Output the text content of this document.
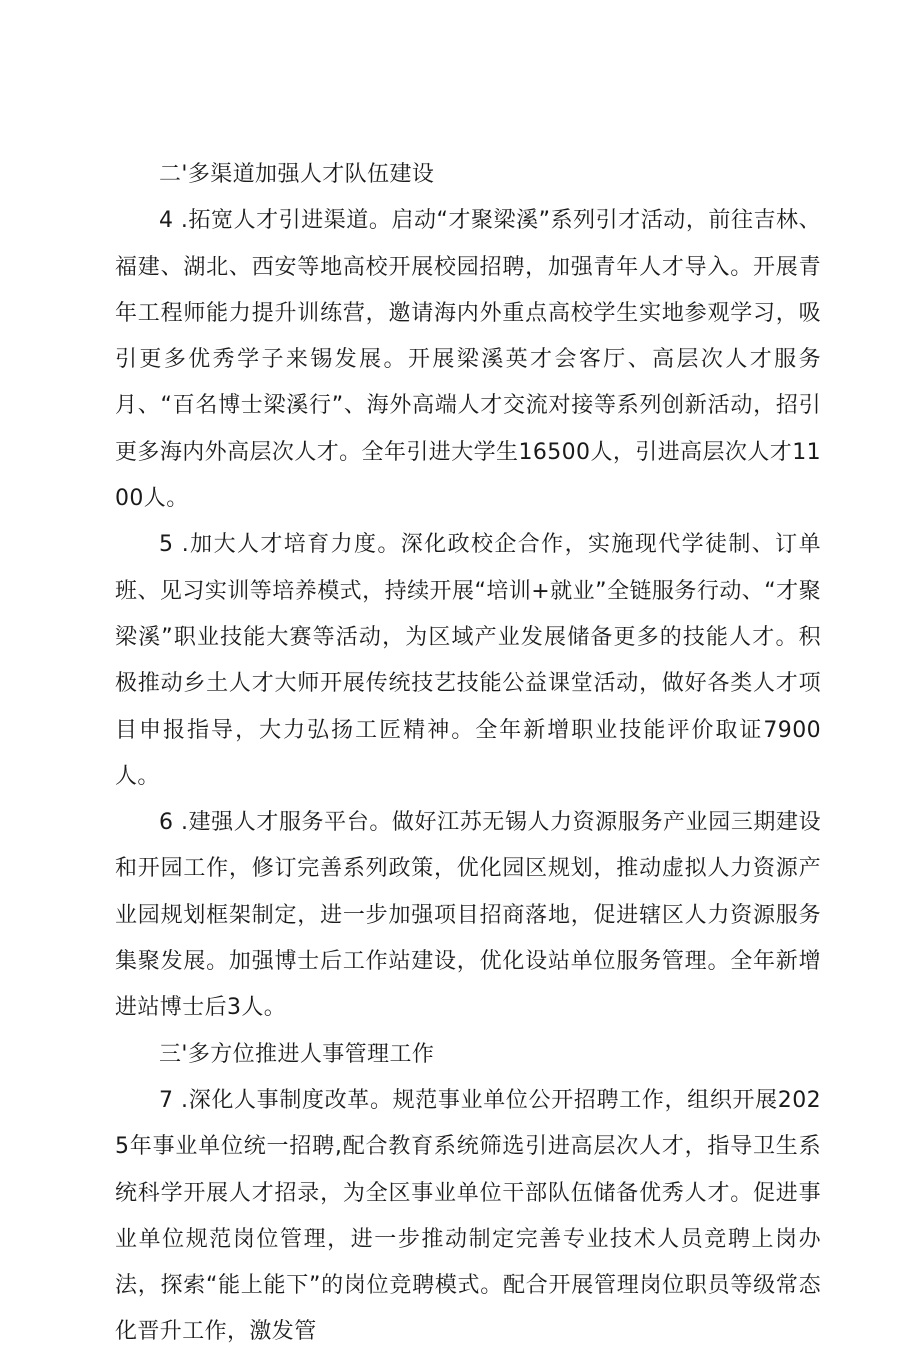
二'多渠道加强人才队伍建设

4 .拓宽人才引进渠道。启动“才聚梁溪”系列引才活动，前往吉林、福建、湖北、西安等地高校开展校园招聘，加强青年人才导入。开展青年工程师能力提升训练营，邀请海内外重点高校学生实地参观学习，吸引更多优秀学子来锡发展。开展梁溪英才会客厅、高层次人才服务月、“百名博士梁溪行”、海外高端人才交流对接等系列创新活动，招引更多海内外高层次人才。全年引进大学生16500人，引进高层次人才1100人。

5 .加大人才培育力度。深化政校企合作，实施现代学徒制、订单班、见习实训等培养模式，持续开展“培训+就业”全链服务行动、“才聚梁溪”职业技能大赛等活动，为区域产业发展储备更多的技能人才。积极推动乡土人才大师开展传统技艺技能公益课堂活动，做好各类人才项目申报指导，大力弘扬工匠精神。全年新增职业技能评价取证7900人。

6 .建强人才服务平台。做好江苏无锡人力资源服务产业园三期建设和开园工作，修订完善系列政策，优化园区规划，推动虚拟人力资源产业园规划框架制定，进一步加强项目招商落地，促进辖区人力资源服务集聚发展。加强博士后工作站建设，优化设站单位服务管理。全年新增进站博士后3人。

三'多方位推进人事管理工作

7 .深化人事制度改革。规范事业单位公开招聘工作，组织开展2025年事业单位统一招聘,配合教育系统筛选引进高层次人才，指导卫生系统科学开展人才招录，为全区事业单位干部队伍储备优秀人才。促进事业单位规范岗位管理，进一步推动制定完善专业技术人员竞聘上岗办法，探索“能上能下”的岗位竞聘模式。配合开展管理岗位职员等级常态化晋升工作，激发管
